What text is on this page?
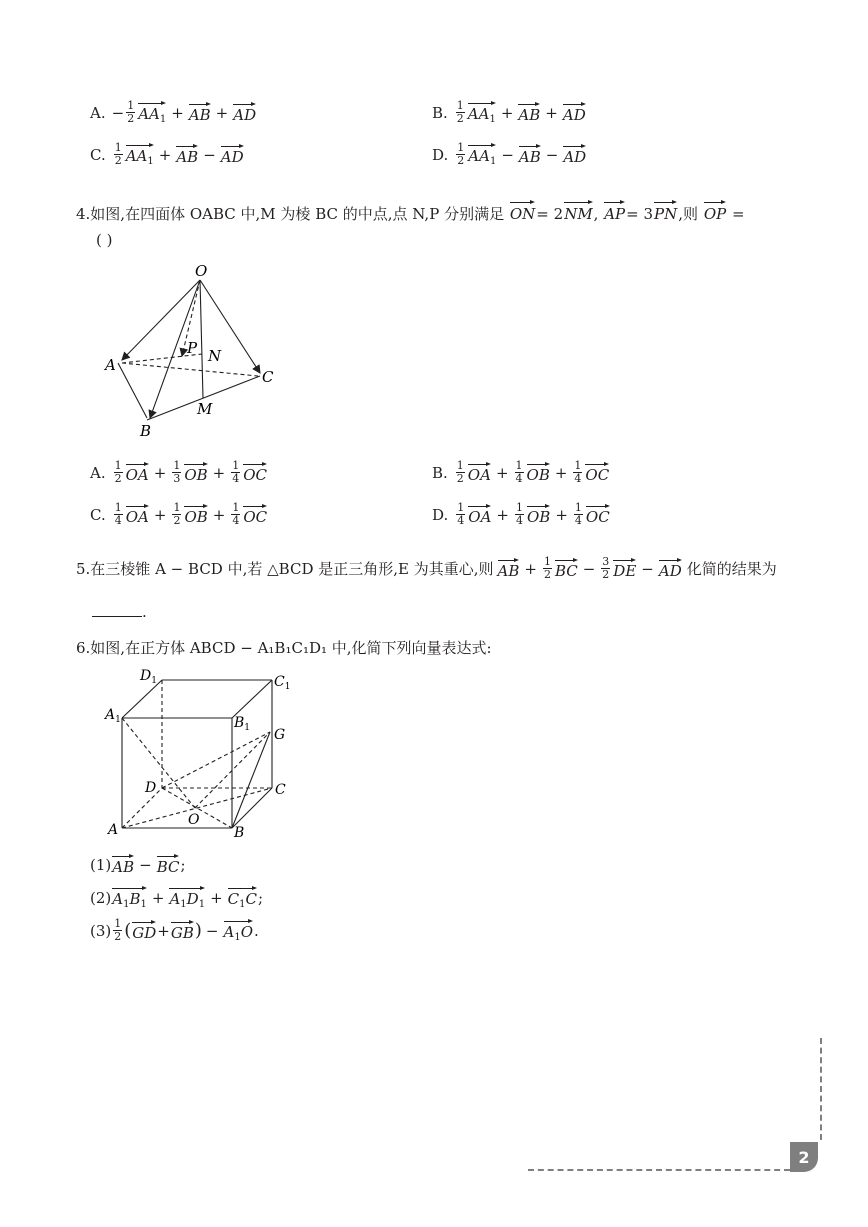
A. − $\frac{1}{2} AA_1$ + AB + AD	B. $\frac{1}{2} AA_1$ + AB + AD
C. $\frac{1}{2} AA_1$ + AB − AD	D. $\frac{1}{2} AA_1$ − AB − AD
4.如图,在四面体 OABC 中,M 为棱 BC 的中点,点 N,P 分别满足 ON= 2NM, AP= 3PN,则 OP =
( )
O
A
B
C
M
N
P
A. $\frac{1}{2}$ OA + $\frac{1}{3}$ OB + $\frac{1}{4}$ OC	B. $\frac{1}{2}$ OA + $\frac{1}{4}$ OB + $\frac{1}{4}$ OC
C. $\frac{1}{4}$ OA + $\frac{1}{2}$ OB + $\frac{1}{4}$ OC	D. $\frac{1}{4}$ OA + $\frac{1}{4}$ OB + $\frac{1}{4}$ OC
5.在三棱锥 A − BCD 中,若 △BCD 是正三角形,E 为其重心,则 AB + $\frac{1}{2}$ BC − $\frac{3}{2}$ DE − AD 化简的结果为
.
6.如图,在正方体 ABCD − A₁B₁C₁D₁ 中,化简下列向量表达式:
$D_1$	$C_1$
$A_1$	$B_1$ G
D	C
A
O
B
(1) AB − BC ;
(2) $A_1B_1 + A_1D_1 + C_1C$ ;
$(3) \frac{1}{2}$ ( GD + GB ) − $A_1O$ .
2
